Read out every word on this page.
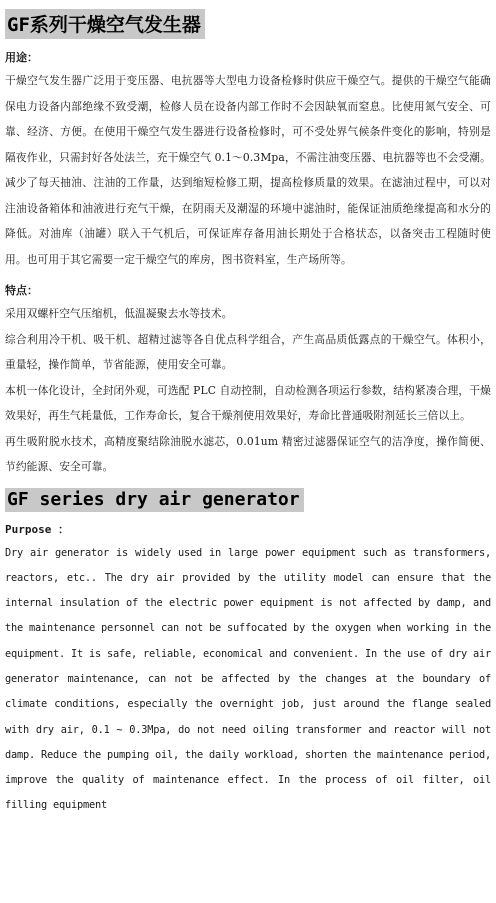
GF系列干燥空气发生器
用途：

干燥空气发生器广泛用于变压器、电抗器等大型电力设备检修时供应干燥空气。提供的干燥空气能确保电力设备内部绝缘不致受潮，检修人员在设备内部工作时不会因缺氧而窒息。比使用氮气安全、可靠、经济、方便。在使用干燥空气发生器进行设备检修时，可不受处界气候条件变化的影响，特别是隔夜作业，只需封好各处法兰，充干燥空气 0.1～0.3Mpa，不需注油变压器、电抗器等也不会受潮。减少了每天抽油、注油的工作量，达到缩短检修工期，提高检修质量的效果。在滤油过程中，可以对注油设备箱体和油液进行充气干燥，在阴雨天及潮湿的环境中滤油时，能保证油质绝缘提高和水分的降低。对油库（油罐）联入干气机后，可保证库存备用油长期处于合格状态，以备突击工程随时使用。也可用于其它需要一定干燥空气的库房，图书资料室，生产场所等。

特点：

采用双螺杆空气压缩机，低温凝聚去水等技术。

综合利用冷干机、吸干机、超精过滤等各自优点科学组合，产生高品质低露点的干燥空气。体积小，重量轻，操作简单，节省能源，使用安全可靠。

本机一体化设计，全封闭外观，可选配 PLC 自动控制，自动检测各项运行参数，结构紧凑合理，干燥效果好，再生气耗量低，工作寿命长，复合干燥剂使用效果好，寿命比普通吸附剂延长三倍以上。

再生吸附脱水技术，高精度聚结除油脱水滤芯，0.01um 精密过滤器保证空气的洁净度，操作简便、节约能源、安全可靠。

GF series dry air generator
Purpose ：

Dry air generator is widely used in large power equipment such as transformers, reactors, etc.. The dry air provided by the utility model can ensure that the internal insulation of the electric power equipment is not affected by damp, and the maintenance personnel can not be suffocated by the oxygen when working in the equipment. It is safe, reliable, economical and convenient. In the use of dry air generator maintenance, can not be affected by the changes at the boundary of climate conditions, especially the overnight job, just around the flange sealed with dry air, 0.1 ~ 0.3Mpa, do not need oiling transformer and reactor will not damp. Reduce the pumping oil, the daily workload, shorten the maintenance period, improve the quality of maintenance effect. In the process of oil filter, oil filling equipment
